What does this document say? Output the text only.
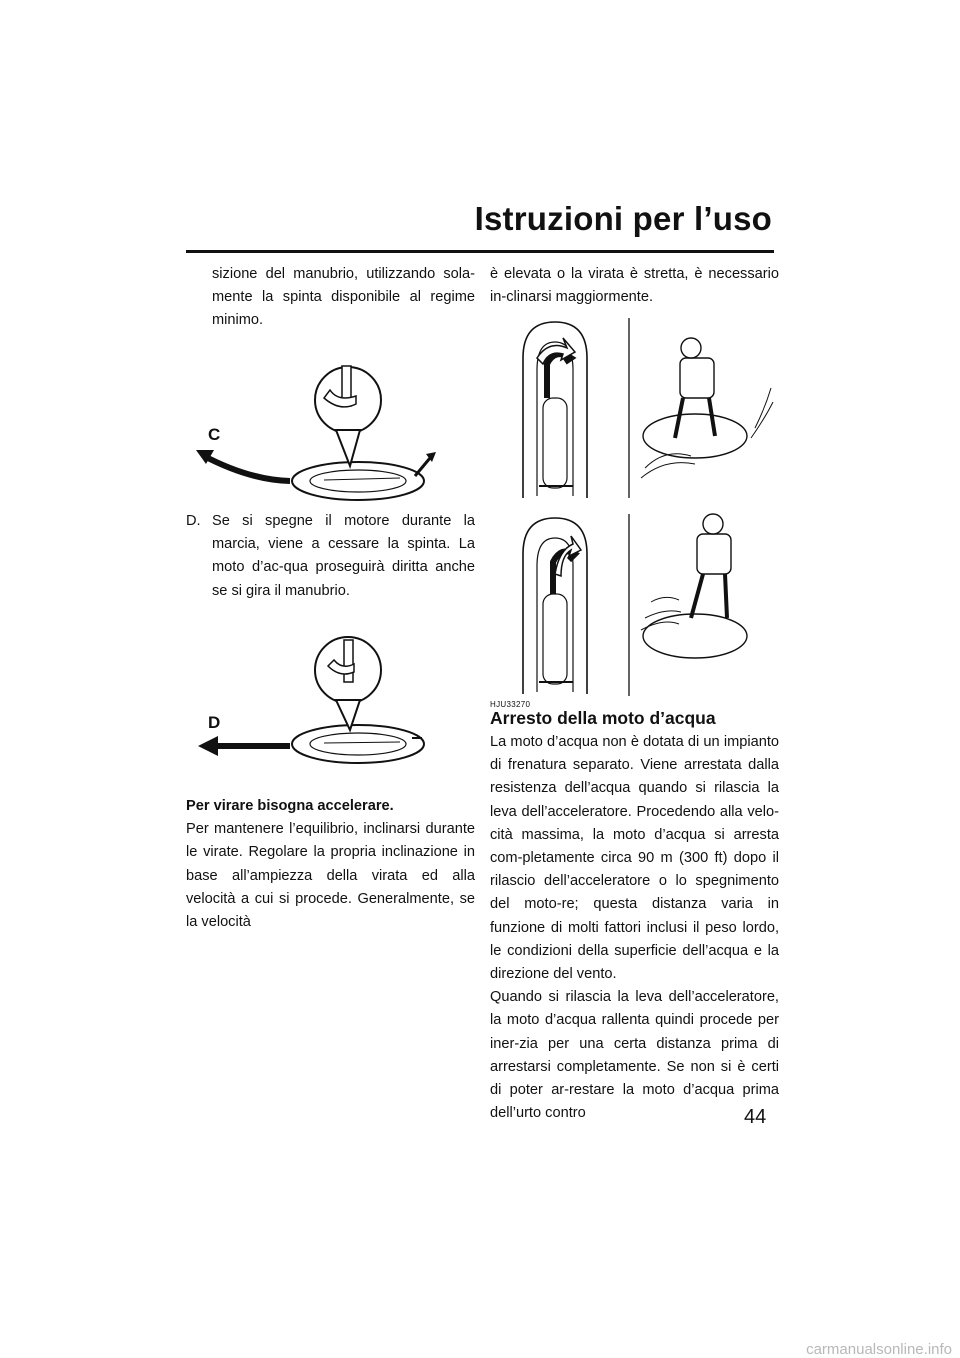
Istruzioni per l’uso

sizione del manubrio, utilizzando sola-mente la spinta disponibile al regime minimo.

C
D. Se si spegne il motore durante la marcia, viene a cessare la spinta. La moto d’ac-qua proseguirà diritta anche se si gira il manubrio.

D

Per virare bisogna accelerare.

Per mantenere l’equilibrio, inclinarsi durante le virate. Regolare la propria inclinazione in base all’ampiezza della virata ed alla velocità a cui si procede. Generalmente, se la velocità

è elevata o la virata è stretta, è necessario in-clinarsi maggiormente.

HJU33270
Arresto della moto d’acqua

La moto d’acqua non è dotata di un impianto di frenatura separato. Viene arrestata dalla resistenza dell’acqua quando si rilascia la leva dell’acceleratore. Procedendo alla velo-cità massima, la moto d’acqua si arresta com-pletamente circa 90 m (300 ft) dopo il rilascio dell’acceleratore o lo spegnimento del moto-re; questa distanza varia in funzione di molti fattori inclusi il peso lordo, le condizioni della superficie dell’acqua e la direzione del vento.

Quando si rilascia la leva dell’acceleratore, la moto d’acqua rallenta quindi procede per iner-zia per una certa distanza prima di arrestarsi completamente. Se non si è certi di poter ar-restare la moto d’acqua prima dell’urto contro	44
carmanualsonline.info
